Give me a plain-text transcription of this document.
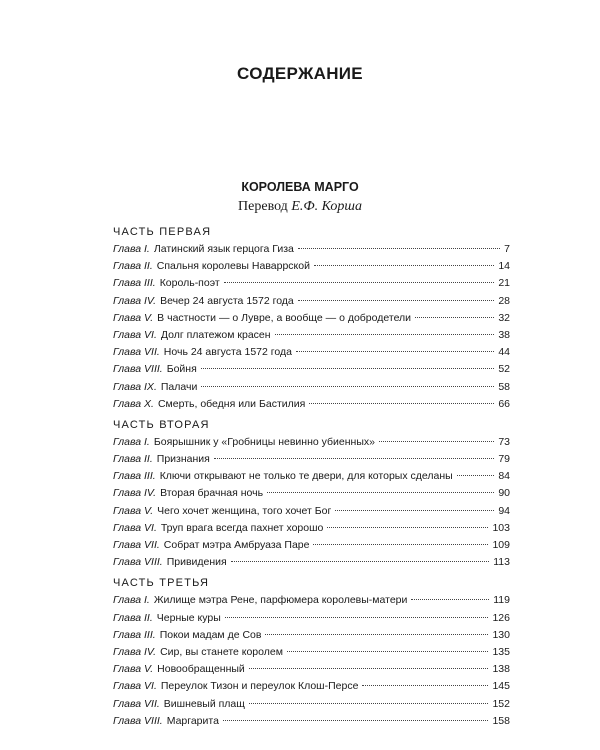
СОДЕРЖАНИЕ
КОРОЛЕВА МАРГО
Перевод Е.Ф. Корша
ЧАСТЬ ПЕРВАЯ
Глава I. Латинский язык герцога Гиза	7
Глава II. Спальня королевы Наваррской	14
Глава III. Король-поэт	21
Глава IV. Вечер 24 августа 1572 года	28
Глава V. В частности — о Лувре, а вообще — о добродетели	32
Глава VI. Долг платежом красен	38
Глава VII. Ночь 24 августа 1572 года	44
Глава VIII. Бойня	52
Глава IX. Палачи	58
Глава X. Смерть, обедня или Бастилия	66
ЧАСТЬ ВТОРАЯ
Глава I. Боярышник у «Гробницы невинно убиенных»	73
Глава II. Признания	79
Глава III. Ключи открывают не только те двери, для которых сделаны	84
Глава IV. Вторая брачная ночь	90
Глава V. Чего хочет женщина, того хочет Бог	94
Глава VI. Труп врага всегда пахнет хорошо	103
Глава VII. Собрат мэтра Амбруаза Паре	109
Глава VIII. Привидения	113
ЧАСТЬ ТРЕТЬЯ
Глава I. Жилище мэтра Рене, парфюмера королевы-матери	119
Глава II. Черные куры	126
Глава III. Покои мадам де Сов	130
Глава IV. Сир, вы станете королем	135
Глава V. Новообращенный	138
Глава VI. Переулок Тизон и переулок Клош-Персе	145
Глава VII. Вишневый плащ	152
Глава VIII. Маргарита	158
